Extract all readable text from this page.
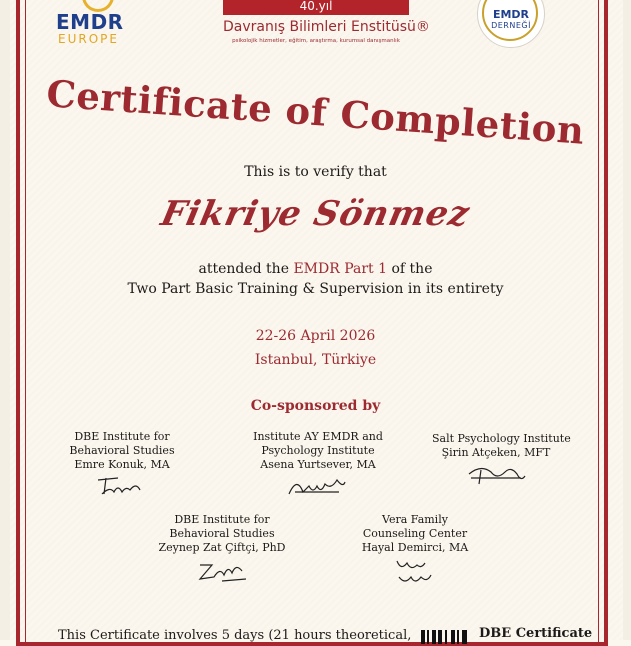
EMDR
EUROPE
40.yıl
Davranış Bilimleri Enstitüsü®
psikolojik hizmetler, eğitim, araştırma, kurumsal danışmanlık
EMDR
DERNEĞİ
Certificate of Completion
This is to verify that
Fikriye Sönmez
attended the EMDR Part 1 of the
Two Part Basic Training & Supervision in its entirety
22-26 April 2026
Istanbul, Türkiye
Co-sponsored by
DBE Institute for
Behavioral Studies
Emre Konuk, MA
Institute AY EMDR and
Psychology Institute
Asena Yurtsever, MA
Salt Psychology Institute
Şirin Atçeken, MFT
DBE Institute for
Behavioral Studies
Zeynep Zat Çiftçi, PhD
Vera Family
Counseling Center
Hayal Demirci, MA
This Certificate involves 5 days (21 hours theoretical,	DBE Certificate
